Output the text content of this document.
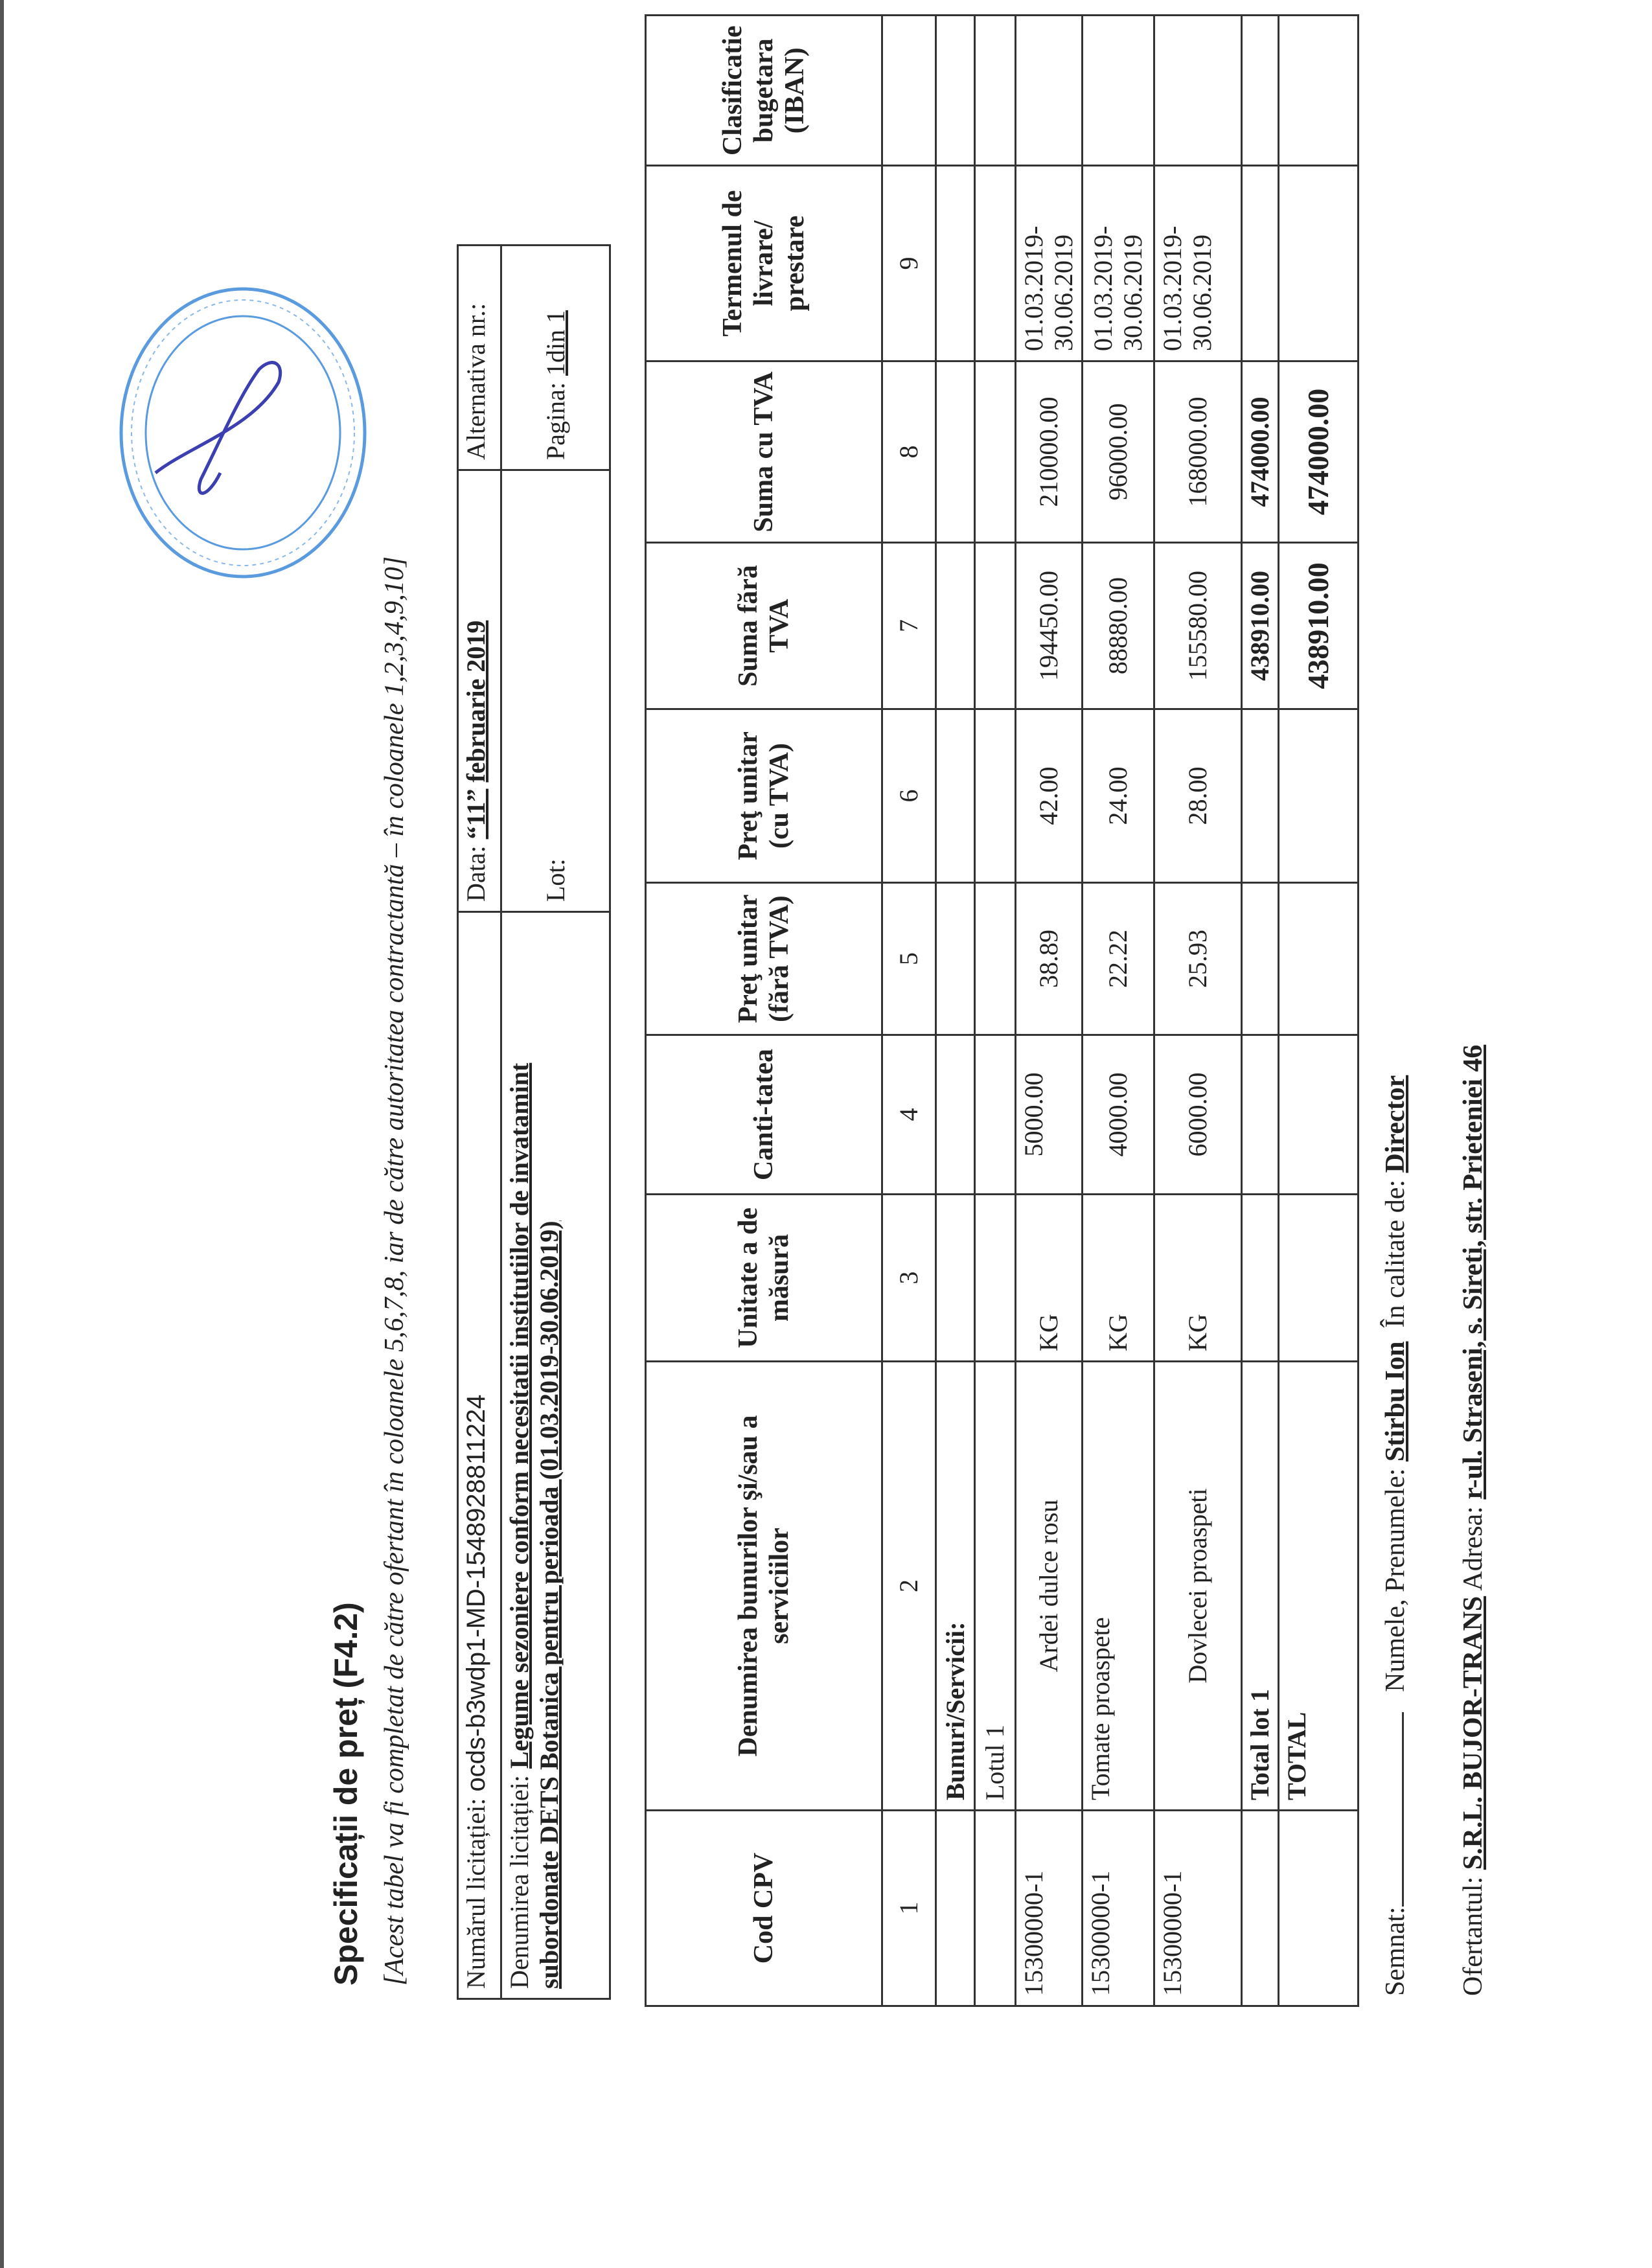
Specificații de preț (F4.2) [Acest tabel va fi completat de către ofertant în coloanele 5,6,7,8, iar de către autoritatea contractantă – în coloanele 1,2,3,4,9,10] Numărul licitației: ocds-b3wdp1-MD-1548928811224	Data: “11” februarie 2019	Alternativa nr.:
Denumirea licitației: Legume sezoniere conform necesitatii institutiilor de invatamint subordonate DETS Botanica pentru perioada (01.03.2019-30.06.2019)	Lot:	Pagina: 1din 1
Cod CPV	Denumirea bunurilor şi/sau a serviciilor	Unitate a de măsură	Canti-tatea	Preţ unitar (fără TVA)	Preţ unitar (cu TVA)	Suma fără TVA	Suma cu TVA	Termenul de livrare/ prestare	Clasificatie bugetara (IBAN)
1	2	3	4	5	6	7	8	9	
	Bunuri/Servicii:								
	Lotul 1								
15300000-1	Ardei dulce rosu	KG	5000.00	38.89	42.00	194450.00	210000.00	01.03.2019- 30.06.2019	

15300000-1	Tomate proaspete	KG	4000.00	22.22	24.00	88880.00	96000.00	01.03.2019- 30.06.2019	

15300000-1	Dovlecei proaspeti	KG	6000.00	25.93	28.00	155580.00	168000.00	01.03.2019- 30.06.2019	

	Total lot 1					438910.00	474000.00		
	TOTAL					438910.00	474000.00		
Semnat:   Numele, Prenumele: Stirbu Ion  În calitate de: Director
Ofertantul: S.R.L. BUJOR-TRANS Adresa: r-ul. Straseni, s. Sireti, str. Prieteniei 46
